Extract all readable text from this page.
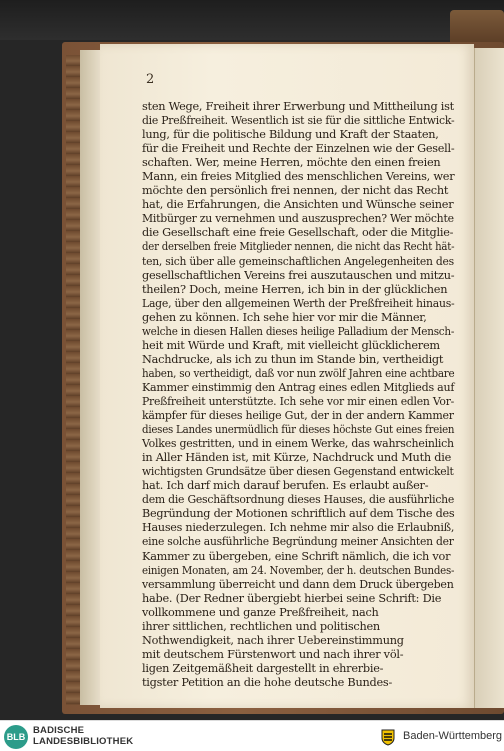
2
sten Wege, Freiheit ihrer Erwerbung und Mittheilung ist
die Preßfreiheit. Wesentlich ist sie für die sittliche Entwick-
lung, für die politische Bildung und Kraft der Staaten,
für die Freiheit und Rechte der Einzelnen wie der Gesell-
schaften. Wer, meine Herren, möchte den einen freien
Mann, ein freies Mitglied des menschlichen Vereins, wer
möchte den persönlich frei nennen, der nicht das Recht
hat, die Erfahrungen, die Ansichten und Wünsche seiner
Mitbürger zu vernehmen und auszusprechen? Wer möchte
die Gesellschaft eine freie Gesellschaft, oder die Mitglie-
der derselben freie Mitglieder nennen, die nicht das Recht hät-
ten, sich über alle gemeinschaftlichen Angelegenheiten des
gesellschaftlichen Vereins frei auszutauschen und mitzu-
theilen? Doch, meine Herren, ich bin in der glücklichen
Lage, über den allgemeinen Werth der Preßfreiheit hinaus-
gehen zu können. Ich sehe hier vor mir die Männer,
welche in diesen Hallen dieses heilige Palladium der Mensch-
heit mit Würde und Kraft, mit vielleicht glücklicherem
Nachdrucke, als ich zu thun im Stande bin, vertheidigt
haben, so vertheidigt, daß vor nun zwölf Jahren eine achtbare
Kammer einstimmig den Antrag eines edlen Mitglieds auf
Preßfreiheit unterstützte. Ich sehe vor mir einen edlen Vor-
kämpfer für dieses heilige Gut, der in der andern Kammer
dieses Landes unermüdlich für dieses höchste Gut eines freien
Volkes gestritten, und in einem Werke, das wahrscheinlich
in Aller Händen ist, mit Kürze, Nachdruck und Muth die
wichtigsten Grundsätze über diesen Gegenstand entwickelt
hat. Ich darf mich darauf berufen. Es erlaubt außer-
dem die Geschäftsordnung dieses Hauses, die ausführliche
Begründung der Motionen schriftlich auf dem Tische des
Hauses niederzulegen. Ich nehme mir also die Erlaubniß,
eine solche ausführliche Begründung meiner Ansichten der
Kammer zu übergeben, eine Schrift nämlich, die ich vor
einigen Monaten, am 24. November, der h. deutschen Bundes-
versammlung überreicht und dann dem Druck übergeben
habe. (Der Redner übergiebt hierbei seine Schrift: Die
vollkommene und ganze Preßfreiheit, nach
ihrer sittlichen, rechtlichen und politischen
Nothwendigkeit, nach ihrer Uebereinstimmung
mit deutschem Fürstenwort und nach ihrer völ-
ligen Zeitgemäßheit dargestellt in ehrerbie-
tigster Petition an die hohe deutsche Bundes-
BLB
BADISCHE
LANDESBIBLIOTHEK	Baden-Württemberg
